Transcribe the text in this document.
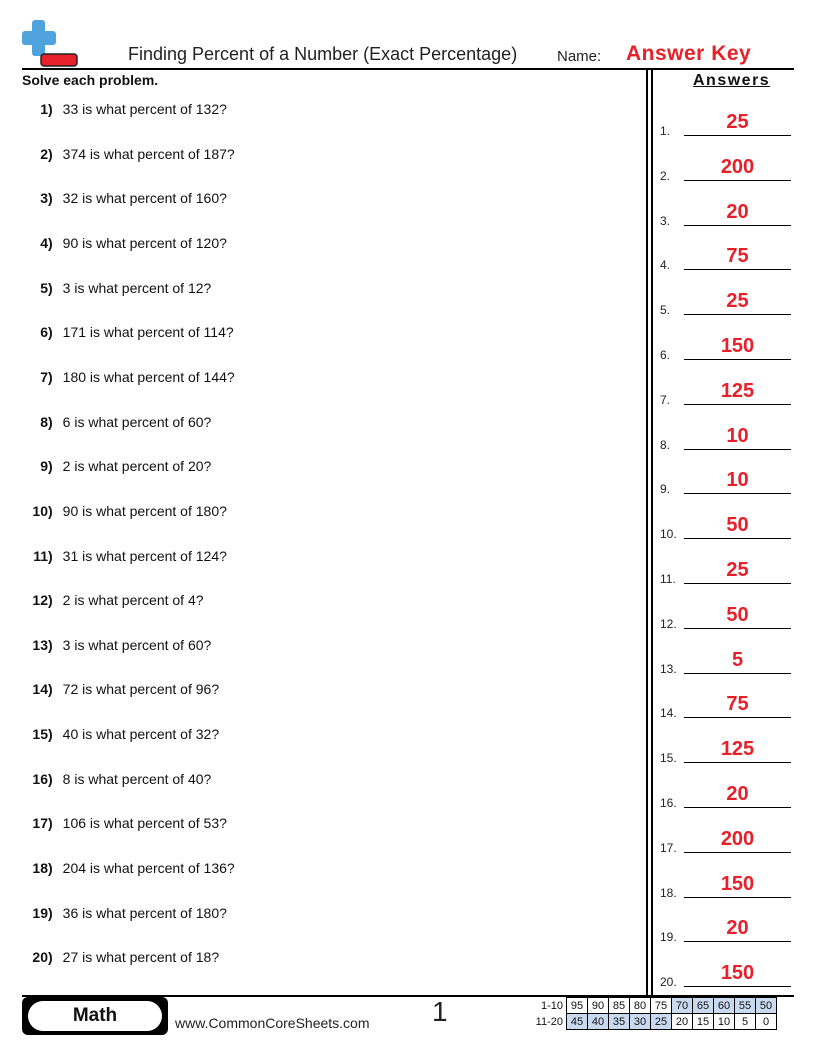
Finding Percent of a Number (Exact Percentage)	Name: Answer Key
Solve each problem.	Answers
1) 33 is what percent of 132?
2) 374 is what percent of 187?
3) 32 is what percent of 160?
4) 90 is what percent of 120?
5) 3 is what percent of 12?
6) 171 is what percent of 114?
7) 180 is what percent of 144?
8) 6 is what percent of 60?
9) 2 is what percent of 20?
10) 90 is what percent of 180?
11) 31 is what percent of 124?
12) 2 is what percent of 4?
13) 3 is what percent of 60?
14) 72 is what percent of 96?
15) 40 is what percent of 32?
16) 8 is what percent of 40?
17) 106 is what percent of 53?
18) 204 is what percent of 136?
19) 36 is what percent of 180?
20) 27 is what percent of 18?
1.	25
2.	200
3.	20
4.	75
5.	25
6.	150
7.	125
8.	10
9.	10
10.	50
11.	25
12.	50
13.	5
14.	75
15.	125
16.	20
17.	200
18.	150
19.	20
20.	150
Math	www.CommonCoreSheets.com 1	1-10	95	90	85	80	75	70	65	60	55	50
11-20	45	40	35	30	25	20	15	10	5	0
